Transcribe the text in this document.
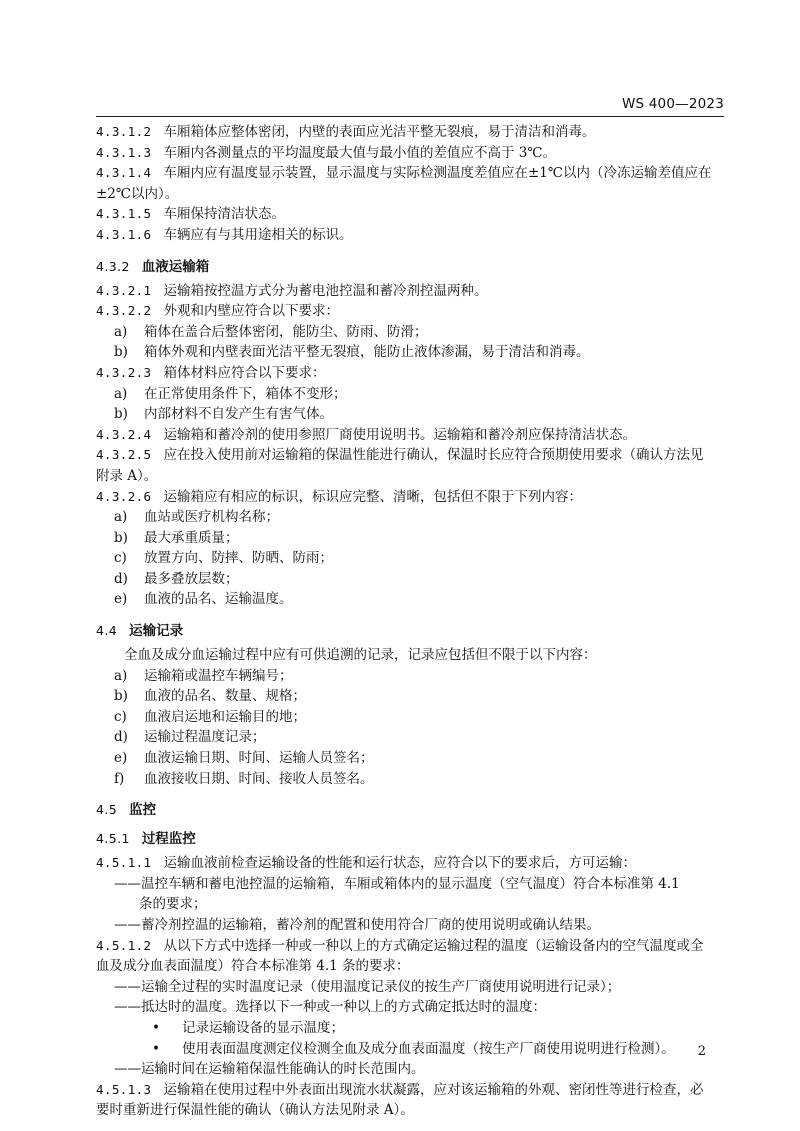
WS 400—2023
4.3.1.2 车厢箱体应整体密闭，内壁的表面应光洁平整无裂痕，易于清洁和消毒。
4.3.1.3 车厢内各测量点的平均温度最大值与最小值的差值应不高于 3℃。
4.3.1.4 车厢内应有温度显示装置，显示温度与实际检测温度差值应在±1℃以内（冷冻运输差值应在
±2℃以内）。
4.3.1.5 车厢保持清洁状态。
4.3.1.6 车辆应有与其用途相关的标识。
4.3.2 血液运输箱
4.3.2.1 运输箱按控温方式分为蓄电池控温和蓄冷剂控温两种。
4.3.2.2 外观和内壁应符合以下要求：
a) 箱体在盖合后整体密闭，能防尘、防雨、防滑；
b) 箱体外观和内壁表面光洁平整无裂痕，能防止液体渗漏，易于清洁和消毒。
4.3.2.3 箱体材料应符合以下要求：
a) 在正常使用条件下，箱体不变形；
b) 内部材料不自发产生有害气体。
4.3.2.4 运输箱和蓄冷剂的使用参照厂商使用说明书。运输箱和蓄冷剂应保持清洁状态。
4.3.2.5 应在投入使用前对运输箱的保温性能进行确认，保温时长应符合预期使用要求（确认方法见
附录 A）。
4.3.2.6 运输箱应有相应的标识，标识应完整、清晰，包括但不限于下列内容：
a) 血站或医疗机构名称；
b) 最大承重质量；
c) 放置方向、防摔、防晒、防雨；
d) 最多叠放层数；
e) 血液的品名、运输温度。
4.4 运输记录
全血及成分血运输过程中应有可供追溯的记录，记录应包括但不限于以下内容：
a) 运输箱或温控车辆编号；
b) 血液的品名、数量、规格；
c) 血液启运地和运输目的地；
d) 运输过程温度记录；
e) 血液运输日期、时间、运输人员签名；
f) 血液接收日期、时间、接收人员签名。
4.5 监控
4.5.1 过程监控
4.5.1.1 运输血液前检查运输设备的性能和运行状态，应符合以下的要求后，方可运输：
——温控车辆和蓄电池控温的运输箱，车厢或箱体内的显示温度（空气温度）符合本标准第 4.1
条的要求；
——蓄冷剂控温的运输箱，蓄冷剂的配置和使用符合厂商的使用说明或确认结果。
4.5.1.2 从以下方式中选择一种或一种以上的方式确定运输过程的温度（运输设备内的空气温度或全
血及成分血表面温度）符合本标准第 4.1 条的要求：
——运输全过程的实时温度记录（使用温度记录仪的按生产厂商使用说明进行记录）；
——抵达时的温度。选择以下一种或一种以上的方式确定抵达时的温度：
• 记录运输设备的显示温度；
• 使用表面温度测定仪检测全血及成分血表面温度（按生产厂商使用说明进行检测）。
——运输时间在运输箱保温性能确认的时长范围内。
4.5.1.3 运输箱在使用过程中外表面出现流水状凝露，应对该运输箱的外观、密闭性等进行检查，必
要时重新进行保温性能的确认（确认方法见附录 A）。
2
